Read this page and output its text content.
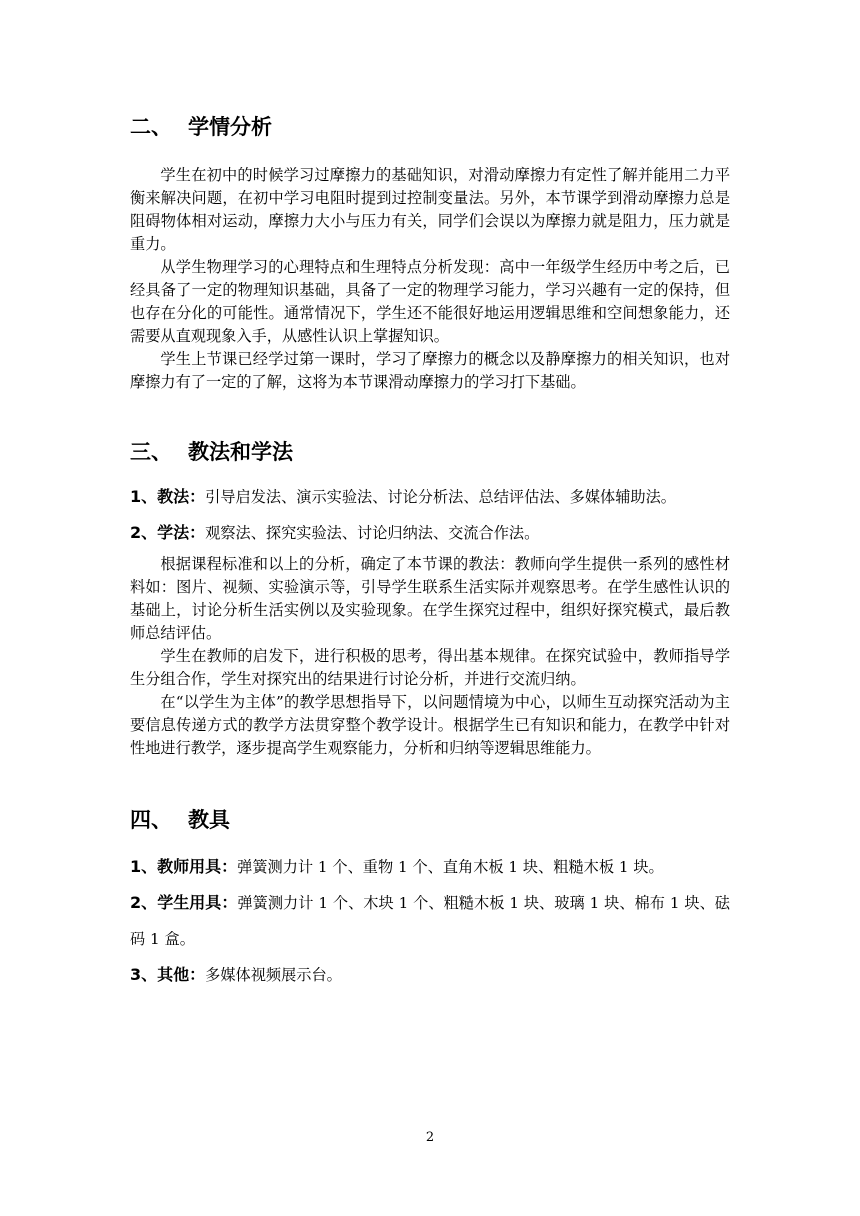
二、 学情分析

学生在初中的时候学习过摩擦力的基础知识，对滑动摩擦力有定性了解并能用二力平衡来解决问题，在初中学习电阻时提到过控制变量法。另外，本节课学到滑动摩擦力总是阻碍物体相对运动，摩擦力大小与压力有关，同学们会误以为摩擦力就是阻力，压力就是重力。

从学生物理学习的心理特点和生理特点分析发现：高中一年级学生经历中考之后，已经具备了一定的物理知识基础，具备了一定的物理学习能力，学习兴趣有一定的保持，但也存在分化的可能性。通常情况下，学生还不能很好地运用逻辑思维和空间想象能力，还需要从直观现象入手，从感性认识上掌握知识。

学生上节课已经学过第一课时，学习了摩擦力的概念以及静摩擦力的相关知识，也对摩擦力有了一定的了解，这将为本节课滑动摩擦力的学习打下基础。

三、 教法和学法

1、教法：引导启发法、演示实验法、讨论分析法、总结评估法、多媒体辅助法。

2、学法：观察法、探究实验法、讨论归纳法、交流合作法。

根据课程标准和以上的分析，确定了本节课的教法：教师向学生提供一系列的感性材料如：图片、视频、实验演示等，引导学生联系生活实际并观察思考。在学生感性认识的基础上，讨论分析生活实例以及实验现象。在学生探究过程中，组织好探究模式，最后教师总结评估。

学生在教师的启发下，进行积极的思考，得出基本规律。在探究试验中，教师指导学生分组合作，学生对探究出的结果进行讨论分析，并进行交流归纳。

在“以学生为主体”的教学思想指导下，以问题情境为中心，以师生互动探究活动为主要信息传递方式的教学方法贯穿整个教学设计。根据学生已有知识和能力，在教学中针对性地进行教学，逐步提高学生观察能力，分析和归纳等逻辑思维能力。

四、 教具

1、教师用具：弹簧测力计 1 个、重物 1 个、直角木板 1 块、粗糙木板 1 块。

2、学生用具：弹簧测力计 1 个、木块 1 个、粗糙木板 1 块、玻璃 1 块、棉布 1 块、砝码 1 盒。

3、其他：多媒体视频展示台。

2
